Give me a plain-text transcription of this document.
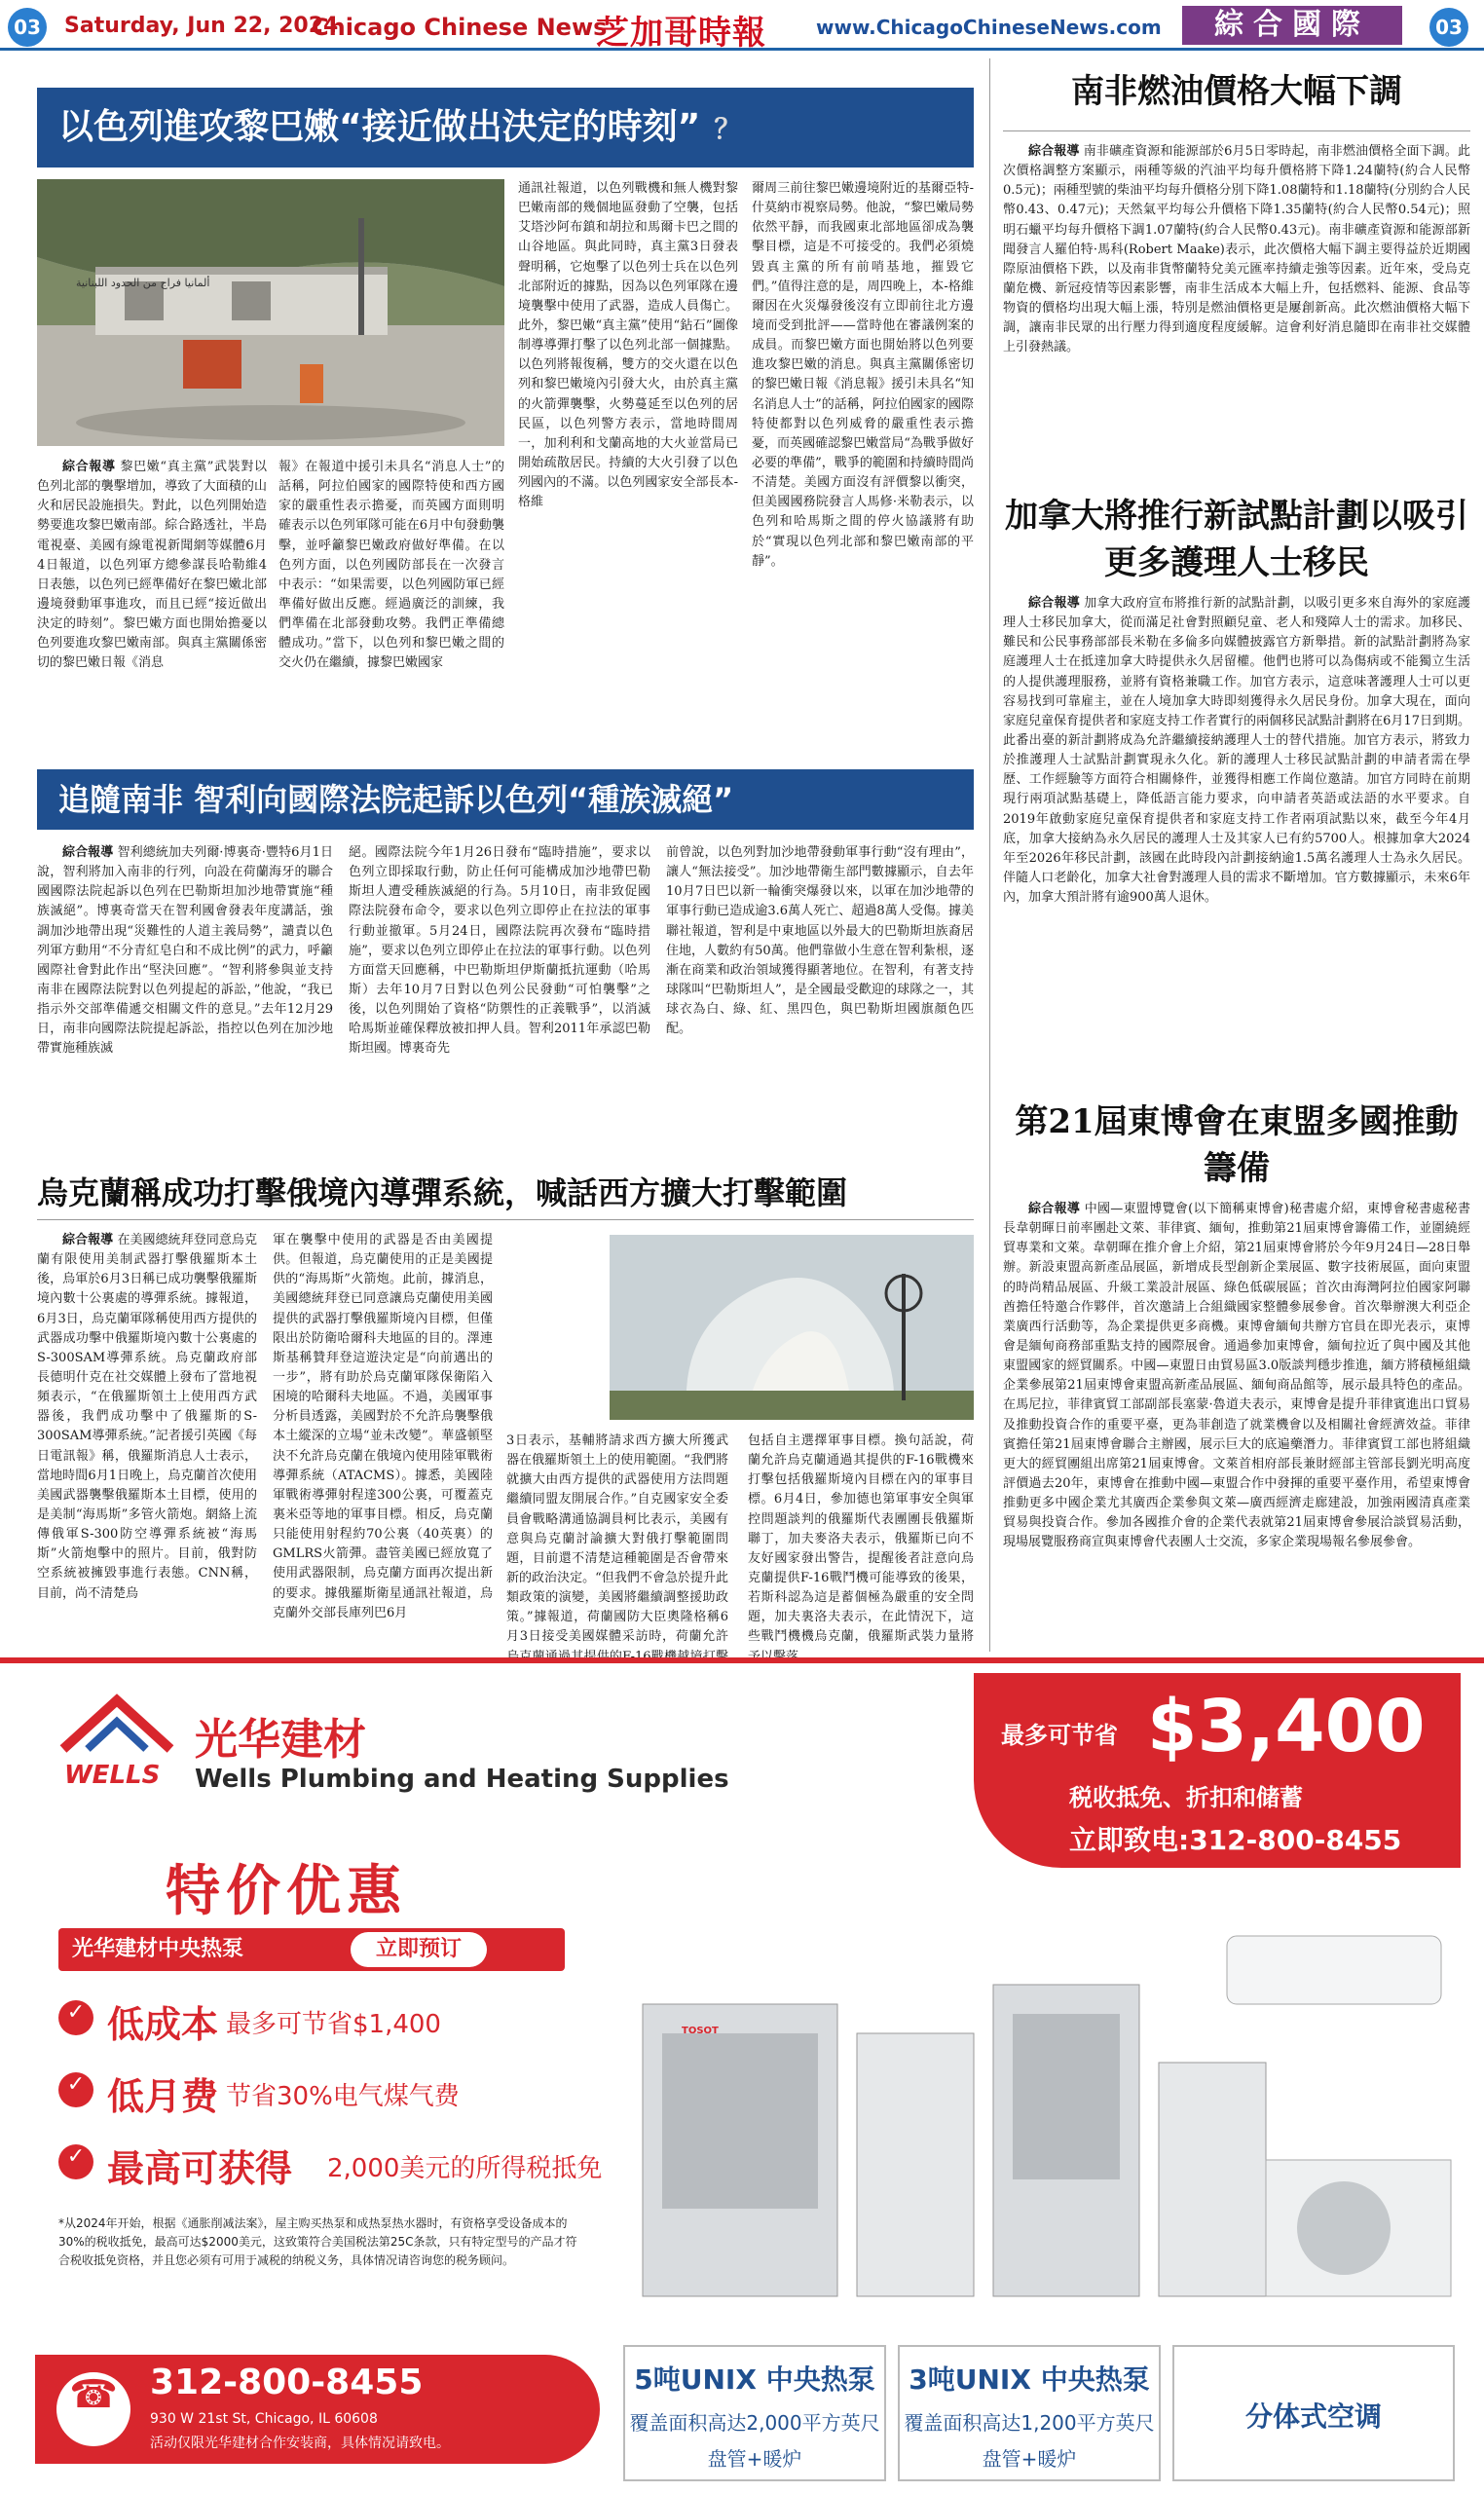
03 Saturday, Jun 22, 2024
Chicago Chinese News
芝加哥時報	www.ChicagoChineseNews.com	綜合國際	03
以色列進攻黎巴嫩“接近做出決定的時刻” ？
ألمانيا فراج من الحدود اللبنانية

綜合報導 黎巴嫩“真主黨”武裝對以色列北部的襲擊增加，導致了大面積的山火和居民設施損失。對此，以色列開始造勢要進攻黎巴嫩南部。綜合路透社，半島電視臺、美國有線電視新聞網等媒體6月4日報道，以色列軍方總參謀長哈勒維4日表態，以色列已經準備好在黎巴嫩北部邊境發動軍事進攻，而且已經“接近做出決定的時刻”。黎巴嫩方面也開始擔憂以色列要進攻黎巴嫩南部。與真主黨關係密切的黎巴嫩日報《消息

報》在報道中援引未具名“消息人士”的話稱，阿拉伯國家的國際特使和西方國家的嚴重性表示擔憂，而英國方面則明確表示以色列軍隊可能在6月中旬發動襲擊，並呼籲黎巴嫩政府做好準備。在以色列方面，以色列國防部長在一次發言中表示：“如果需要，以色列國防軍已經準備好做出反應。經過廣泛的訓練，我們準備在北部發動攻勢。我們正準備總體成功。”當下，以色列和黎巴嫩之間的交火仍在繼續，據黎巴嫩國家
通訊社報道，以色列戰機和無人機對黎巴嫩南部的幾個地區發動了空襲，包括艾塔沙阿布鎮和胡拉和馬爾卡巴之間的山谷地區。與此同時，真主黨3日發表聲明稱，它炮擊了以色列士兵在以色列北部附近的據點，因為以色列軍隊在邊境襲擊中使用了武器，造成人員傷亡。此外，黎巴嫩“真主黨”使用“鉆石”圖像制導導彈打擊了以色列北部一個據點。以色列將報復稱，雙方的交火還在以色列和黎巴嫩境內引發大火，由於真主黨的火箭彈襲擊，火勢蔓延至以色列的居民區，以色列警方表示，當地時間周一，加利利和戈蘭高地的大火並當局已開始疏散居民。持續的大火引發了以色列國內的不滿。以色列國家安全部長本-格維
爾周三前往黎巴嫩邊境附近的基爾亞特-什莫納市視察局勢。他說，“黎巴嫩局勢依然平靜，而我國東北部地區卻成為襲擊目標，這是不可接受的。我們必須燒毀真主黨的所有前哨基地，摧毀它們。”值得注意的是，周四晚上，本-格維爾因在火災爆發後沒有立即前往北方邊境而受到批評——當時他在審議例案的成員。而黎巴嫩方面也開始將以色列要進攻黎巴嫩的消息。與真主黨關係密切的黎巴嫩日報《消息報》援引未具名“知名消息人士”的話稱，阿拉伯國家的國際特使都對以色列威脅的嚴重性表示擔憂，而英國確認黎巴嫩當局“為戰爭做好必要的準備”，戰爭的範圍和持續時間尚不清楚。美國方面沒有評價黎以衝突，但美國國務院發言人馬修·米勒表示，以色列和哈馬斯之間的停火協議將有助於“實現以色列北部和黎巴嫩南部的平靜”。
追隨南非 智利向國際法院起訴以色列“種族滅絕”

綜合報導 智利總統加夫列爾·博裏奇·豐特6月1日說，智利將加入南非的行列，向設在荷蘭海牙的聯合國國際法院起訴以色列在巴勒斯坦加沙地帶實施“種族滅絕”。博裏奇當天在智利國會發表年度講話，強調加沙地帶出現“災難性的人道主義局勢”，譴責以色列軍方動用“不分青紅皂白和不成比例”的武力，呼籲國際社會對此作出“堅決回應”。“智利將參與並支持南非在國際法院對以色列提起的訴訟，”他說，“我已指示外交部準備遞交相關文件的意見。”去年12月29日，南非向國際法院提起訴訟，指控以色列在加沙地帶實施種族滅

絕。國際法院今年1月26日發布“臨時措施”，要求以色列立即採取行動，防止任何可能構成加沙地帶巴勒斯坦人遭受種族滅絕的行為。5月10日，南非致促國際法院發布命令，要求以色列立即停止在拉法的軍事行動並撤軍。5月24日，國際法院再次發布“臨時措施”，要求以色列立即停止在拉法的軍事行動。以色列方面當天回應稱，中巴勒斯坦伊斯蘭抵抗運動（哈馬斯）去年10月7日對以色列公民發動“可怕襲擊”之後，以色列開始了資格“防禦性的正義戰爭”，以消滅哈馬斯並確保釋放被扣押人員。智利2011年承認巴勒斯坦國。博裏奇先
前曾說，以色列對加沙地帶發動軍事行動“沒有理由”，讓人“無法接受”。加沙地帶衛生部門數據顯示，自去年10月7日巴以新一輪衝突爆發以來，以軍在加沙地帶的軍事行動已造成逾3.6萬人死亡、超過8萬人受傷。據美聯社報道，智利是中東地區以外最大的巴勒斯坦族裔居住地，人數約有50萬。他們靠做小生意在智利紮根，逐漸在商業和政治領域獲得顯著地位。在智利，有著支持球隊叫“巴勒斯坦人”，是全國最受歡迎的球隊之一，其球衣為白、綠、紅、黑四色，與巴勒斯坦國旗顏色匹配。
烏克蘭稱成功打擊俄境內導彈系統，喊話西方擴大打擊範圍

綜合報導 在美國總統拜登同意烏克蘭有限使用美制武器打擊俄羅斯本土後，烏軍於6月3日稱已成功襲擊俄羅斯境內數十公裏處的導彈系統。據報道，6月3日，烏克蘭軍隊稱使用西方提供的武器成功擊中俄羅斯境內數十公裏處的S-300SAM導彈系統。烏克蘭政府部長德明什克在社交媒體上發布了當地視頻表示，“在俄羅斯領土上使用西方武器後，我們成功擊中了俄羅斯的S-300SAM導彈系統。”記者援引英國《每日電訊報》稱，俄羅斯消息人士表示，當地時間6月1日晚上，烏克蘭首次使用美國武器襲擊俄羅斯本土目標，使用的是美制“海馬斯”多管火箭炮。網絡上流傳俄軍S-300防空導彈系統被“海馬斯”火箭炮擊中的照片。目前，俄對防空系統被擁毀事進行表態。CNN稱，目前，尚不清楚烏

軍在襲擊中使用的武器是否由美國提供。但報道，烏克蘭使用的正是美國提供的“海馬斯”火箭炮。此前，據消息，美國總統拜登已同意讓烏克蘭使用美國提供的武器打擊俄羅斯境內目標，但僅限出於防衛哈爾科夫地區的目的。澤連斯基稱贊拜登這遊決定是“向前邁出的一步”，將有助於烏克蘭軍隊保衛陷入困境的哈爾科夫地區。不過，美國軍事分析員透露，美國對於不允許烏襲擊俄本土縱深的立場“並未改變”。華盛頓堅決不允許烏克蘭在俄境內使用陸軍戰術導彈系統（ATACMS）。據悉，美國陸軍戰術導彈射程達300公裏，可覆蓋克裏米亞等地的軍事目標。相反，烏克蘭只能使用射程約70公裏（40英裏）的GMLRS火箭彈。盡管美國已經放寬了使用武器限制，烏克蘭方面再次提出新的要求。據俄羅斯衛星通訊社報道，烏克蘭外交部長庫列巴6月
3日表示，基輔將請求西方擴大所獲武器在俄羅斯領土上的使用範圍。“我們將就擴大由西方提供的武器使用方法問題繼續同盟友開展合作。”自克國家安全委員會戰略溝通協調員柯比表示，美國有意與烏克蘭討論擴大對俄打擊範圍問題，目前還不清楚這種範圍是否會帶來新的政治決定。“但我們不會急於提升此類政策的演變，美國將繼續調整援助政策。”據報道，荷蘭國防大臣奧隆格稱6月3日接受美國媒體采訪時，荷蘭允許
包括自主選擇軍事目標。換句話說，荷蘭允許烏克蘭通過其提供的F-16戰機來打擊包括俄羅斯境內目標在內的軍事目標。6月4日，參加德也第軍事安全與軍控問題談判的俄羅斯代表團團長俄羅斯聯丁，加夫麥洛夫表示，俄羅斯已向不友好國家發出警告，提醒後者註意向烏克蘭提供F-16戰鬥機可能導致的後果，若斯科認為這是蓄個極為嚴重的安全問題，加夫裏洛夫表示，在此情況下，這些戰鬥機機烏克蘭，俄羅斯武裝力量將
南非燃油價格大幅下調

綜合報導 南非礦產資源和能源部於6月5日零時起，南非燃油價格全面下調。此次價格調整方案顯示，兩種等級的汽油平均每升價格將下降1.24蘭特(約合人民幣0.5元)；兩種型號的柴油平均每升價格分別下降1.08蘭特和1.18蘭特(分別約合人民幣0.43、0.47元)；天然氣平均每公升價格下降1.35蘭特(約合人民幣0.54元)；照明石蠟平均每升價格下調1.07蘭特(約合人民幣0.43元)。南非礦產資源和能源部新聞發言人羅伯特·馬科(Robert Maake)表示，此次價格大幅下調主要得益於近期國際原油價格下跌，以及南非貨幣蘭特兌美元匯率持續走強等因素。近年來，受烏克蘭危機、新冠疫情等因素影響，南非生活成本大幅上升，包括燃料、能源、食品等物資的價格均出現大幅上漲，特別是燃油價格更是屢創新高。此次燃油價格大幅下調，讓南非民眾的出行壓力得到適度程度緩解。這會利好消息隨即在南非社交媒體上引發熱議。

加拿大將推行新試點計劃以吸引更多護理人士移民

綜合報導 加拿大政府宣布將推行新的試點計劃，以吸引更多來自海外的家庭護理人士移民加拿大，從而滿足社會對照顧兒童、老人和殘障人士的需求。加移民、難民和公民事務部部長米勒在多倫多向媒體披露官方新舉措。新的試點計劃將為家庭護理人士在抵達加拿大時提供永久居留權。他們也將可以為傷病或不能獨立生活的人提供護理服務，並將有資格兼職工作。加官方表示，這意味著護理人士可以更容易找到可靠雇主，並在人境加拿大時即刻獲得永久居民身份。加拿大現在，面向家庭兒童保育提供者和家庭支持工作者實行的兩個移民試點計劃將在6月17日到期。此番出臺的新計劃將成為允許繼續接納護理人士的替代措施。加官方表示，將致力於推護理人士試點計劃實現永久化。新的護理人士移民試點計劃的申請者需在學歷、工作經驗等方面符合相關條件，並獲得相應工作崗位邀請。加官方同時在前期現行兩項試點基礎上，降低語言能力要求，向申請者英語或法語的水平要求。自2019年啟動家庭兒童保育提供者和家庭支持工作者兩項試點以來，截至今年4月底，加拿大接納為永久居民的護理人士及其家人已有約5700人。根據加拿大2024年至2026年移民計劃，該國在此時段內計劃接納逾1.5萬名護理人士為永久居民。伴隨人口老齡化，加拿大社會對護理人員的需求不斷增加。官方數據顯示，未來6年內，加拿大預計將有逾900萬人退休。

第21屆東博會在東盟多國推動籌備

綜合報導 中國—東盟博覽會(以下簡稱東博會)秘書處介紹，東博會秘書處秘書長韋朝暉日前率團赴文萊、菲律賓、緬甸，推動第21屆東博會籌備工作，並圍繞經貿專業和文萊。韋朝暉在推介會上介紹，第21屆東博會將於今年9月24日—28日舉辦。新設東盟高新產品展區，新增成長型創新企業展區、數字技術展區，面向東盟的時尚精品展區、升級工業設計展區、綠色低碳展區；首次由海灣阿拉伯國家阿聯酋擔任特邀合作夥伴，首次邀請上合組織國家整體參展參會。首次舉辦澳大利亞企業廣西行活動等，為企業提供更多商機。東博會緬甸共辦方官員在即光表示，東博會是緬甸商務部重點支持的國際展會。通過參加東博會，緬甸拉近了與中國及其他東盟國家的經貿關系。中國—東盟日由貿易區3.0版談判穩步推進，緬方將積極組織企業參展第21屆東博會東盟高新產品展區、緬甸商品館等，展示最具特色的產品。在馬尼拉，菲律賓貿工部副部長塞蒙·魯道夫表示，東博會是提升菲律賓進出口貿易及推動投資合作的重要平臺，更為菲創造了就業機會以及相關社會經濟效益。菲律賓擔任第21屆東博會聯合主辦國，展示巨大的底遍藥潛力。菲律賓貿工部也將組織更大的經貿團組出席第21屆東博會。文萊首相府部長兼財經部主管部長劉光明高度評價過去20年，東博會在推動中國—東盟合作中發揮的重要平臺作用，希望東博會推動更多中國企業尤其廣西企業參與文萊—廣西經濟走廊建設，加強兩國清真產業貿易與投資合作。參加各國推介會的企業代表就第21屆東博會參展洽談貿易活動，現場展覽服務商宣與東博會代表團人士交流，多家企業現場報名參展參會。

WELLS
光华建材
Wells Plumbing and Heating Supplies
最多可节省 $3,400
税收抵免、折扣和储蓄
立即致电:312-800-8455
特价优惠
光华建材中央热泵	立即预订
✓ 低成本 最多可节省$1,400
✓ 低月费 节省30%电气煤气费
✓ 最高可获得 2,000美元的所得税抵免
*从2024年开始，根据《通胀削减法案》，屋主购买热泵和成热泵热水器时，有资格享受设备成本的30%的税收抵免，最高可达$2000美元，这致策符合美国税法第25C条款，只有特定型号的产品才符合税收抵免资格，并且您必须有可用于减税的纳税义务，具体情况请咨询您的税务顾问。
☎ 312-800-8455
930 W 21st St, Chicago, IL 60608
活动仅限光华建材合作安装商，具体情况请致电。
TOSOT
5吨UNIX 中央热泵
覆盖面积高达2,000平方英尺
盘管+暖炉
3吨UNIX 中央热泵
覆盖面积高达1,200平方英尺
盘管+暖炉
分体式空调
